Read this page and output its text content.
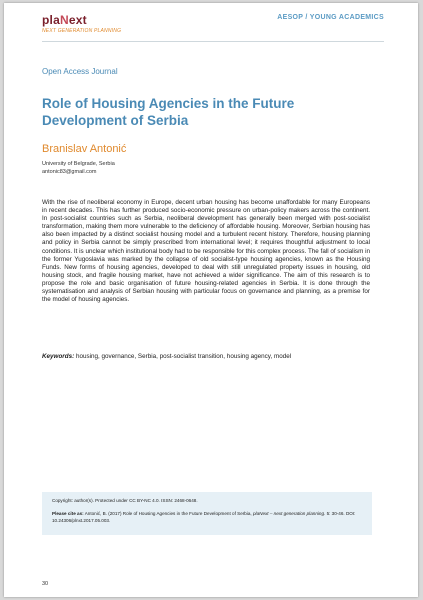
plaNext
NEXT GENERATION PLANNING
AESOP / YOUNG ACADEMICS
Open Access Journal
Role of Housing Agencies in the Future Development of Serbia
Branislav Antonić
University of Belgrade, Serbia
antonic83@gmail.com

With the rise of neoliberal economy in Europe, decent urban housing has become unaffordable for many Europeans in recent decades. This has further produced socio-economic pressure on urban-policy makers across the continent. In post-socialist countries such as Serbia, neoliberal development has generally been merged with post-socialist transformation, making them more vulnerable to the deficiency of affordable housing. Moreover, Serbian housing has also been impacted by a distinct socialist housing model and a turbulent recent history. Therefore, housing planning and policy in Serbia cannot be simply prescribed from international level; it requires thoughtful adjustment to local conditions. It is unclear which institutional body had to be responsible for this complex process. The fall of socialism in the former Yugoslavia was marked by the collapse of old socialist-type housing agencies, known as the Housing Funds. New forms of housing agencies, developed to deal with still unregulated property issues in housing, old housing stock, and fragile housing market, have not achieved a wider significance. The aim of this research is to propose the role and basic organisation of future housing-related agencies in Serbia. It is done through the systematisation and analysis of Serbian housing with particular focus on governance and planning, as a premise for the model of housing agencies.

Keywords: housing, governance, Serbia, post-socialist transition, housing agency, model
Copyright: author(s). Protected under CC BY-NC 4.0. ISSN: 2468-0648.
Please cite as: Antonić, B. (2017) Role of Housing Agencies in the Future Development of Serbia, plaNext – next generation planning. 5: 30-46. DOI: 10.24306/plnxt.2017.05.003.
30
